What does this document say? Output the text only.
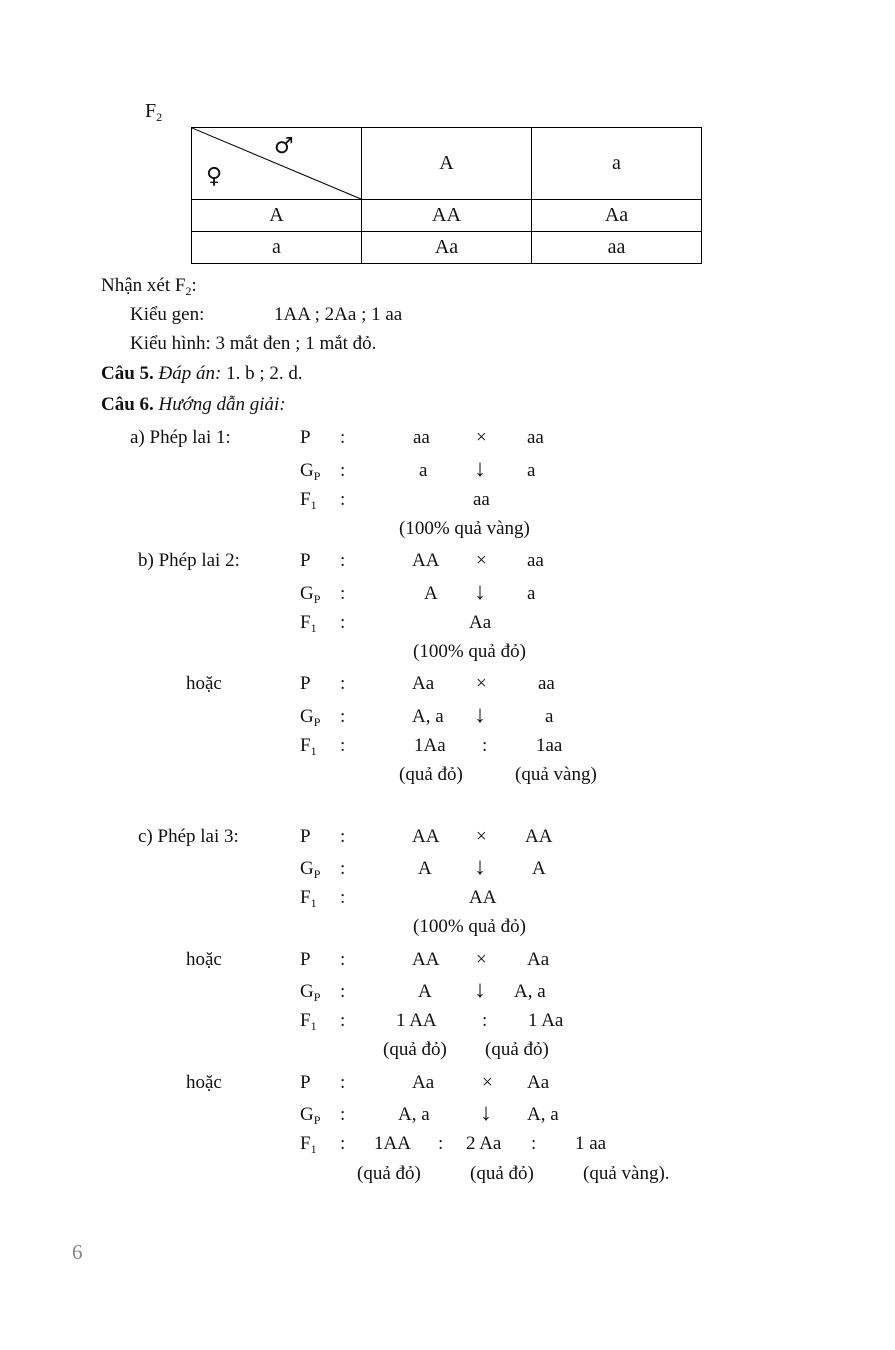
$F_2$
♂
♀	A	a
A	AA	Aa
a	Aa	aa
Nhận xét $F_2$:
Kiểu gen:	1AA ; 2Aa ; 1 aa
Kiểu hình: 3 mắt đen ; 1 mắt đỏ.
Câu 5. Đáp án: 1. b ; 2. d.
Câu 6. Hướng dẫn giải:
a) Phép lai 1:	P :	aa × aa
$G_P$ :	a ↓ a
$F_1$ :	aa
(100% quả vàng)
b) Phép lai 2:	P :	AA × aa
$G_P$ :	A ↓ a
$F_1$ :	Aa
(100% quả đỏ)
hoặc	P :	Aa ×	aa
$G_P$ :	A, a ↓	a
$F_1$ :	1Aa :	1aa
(quả đỏ)	(quả vàng)
c) Phép lai 3:	P :	AA × AA
$G_P$ :	A ↓ A
$F_1$ :	AA
(100% quả đỏ)
hoặc	P :	AA × Aa
$G_P$ :	A ↓ A, a
$F_1$ :	1 AA : 1 Aa
(quả đỏ) (quả đỏ)
hoặc	P :	Aa	× Aa
$G_P$ :	A, a ↓ A, a
$F_1$ : 1AA : 2 Aa : 1 aa
(quả đỏ)	(quả đỏ)	(quả vàng).
6
